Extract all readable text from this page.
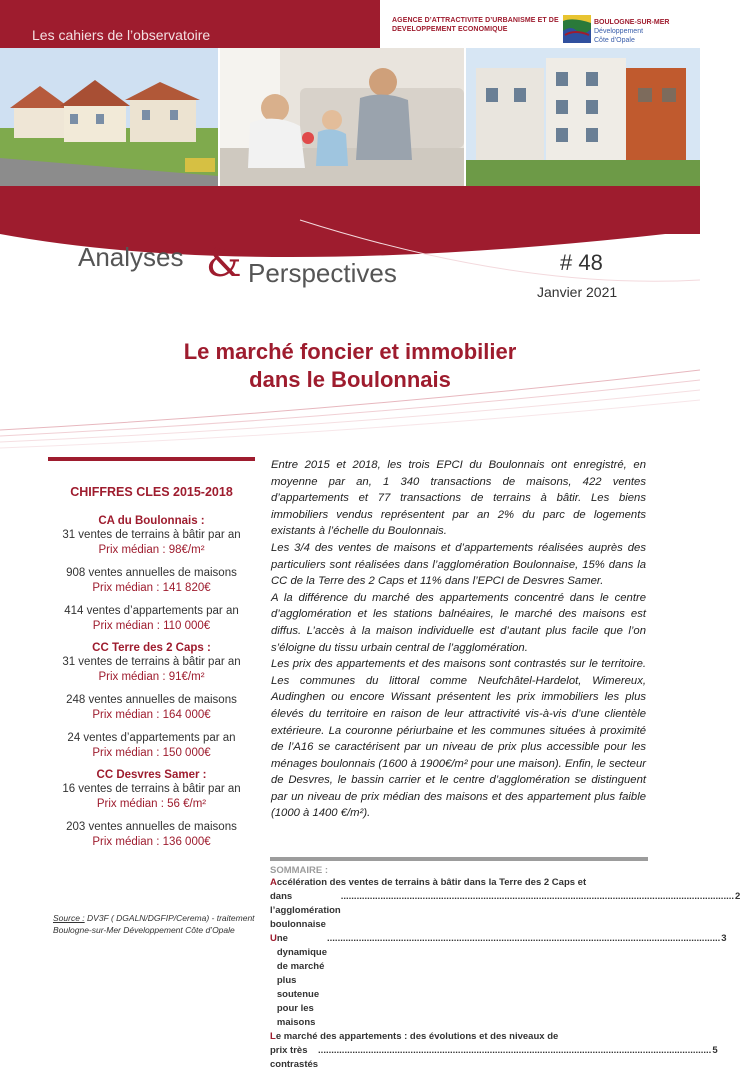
Les cahiers de l’observatoire
AGENCE D’ATTRACTIVITE D’URBANISME ET DE DEVELOPPEMENT ECONOMIQUE
BOULOGNE-SUR-MER
Développement
Côte d’Opale
Analyses & Perspectives	# 48
Janvier 2021
Le marché foncier et immobilier
dans le Boulonnais
CHIFFRES CLES 2015-2018
CA du Boulonnais :
31 ventes de terrains à bâtir par an
Prix médian : 98€/m²
908 ventes annuelles de maisons
Prix médian : 141 820€
414 ventes d’appartements par an
Prix médian : 110 000€
CC Terre des 2 Caps :
31 ventes de terrains à bâtir par an
Prix médian : 91€/m²
248 ventes annuelles de maisons
Prix médian : 164 000€
24 ventes d’appartements par an
Prix médian : 150 000€
CC Desvres Samer :
16 ventes de terrains à bâtir par an
Prix médian : 56 €/m²
203 ventes annuelles de maisons
Prix médian : 136 000€
Source : DV3F ( DGALN/DGFIP/Cerema) - traitement Boulogne-sur-Mer Développement Côte d’Opale

Entre 2015 et 2018, les trois EPCI du Boulonnais ont enregistré, en moyenne par an, 1 340 transactions de maisons, 422 ventes d’appartements et 77 transactions de terrains à bâtir. Les biens immobiliers vendus représentent par an 2% du parc de logements existants à l’échelle du Boulonnais.

Les 3/4 des ventes de maisons et d’appartements réalisées auprès des particuliers sont réalisées dans l’agglomération Boulonnaise, 15% dans la CC de la Terre des 2 Caps et 11% dans l’EPCI de Desvres Samer.

A la différence du marché des appartements concentré dans le centre d’agglomération et les stations balnéaires, le marché des maisons est diffus. L’accès à la maison individuelle est d’autant plus facile que l’on s’éloigne du tissu urbain central de l’agglomération.

Les prix des appartements et des maisons sont contrastés sur le territoire. Les communes du littoral comme Neufchâtel-Hardelot, Wimereux, Audinghen ou encore Wissant présentent les prix immobiliers les plus élevés du territoire en raison de leur attractivité vis-à-vis d’une clientèle extérieure. La couronne périurbaine et les communes situées à proximité de l’A16 se caractérisent par un niveau de prix plus accessible pour les ménages boulonnais (1600 à 1900€/m² pour une maison). Enfin, le secteur de Desvres, le bassin carrier et le centre d’agglomération se distinguent par un niveau de prix médian des maisons et des appartement plus faible (1000 à 1400 €/m²).

SOMMAIRE :
Accélération des ventes de terrains à bâtir dans la Terre des 2 Caps et
dans l’agglomération boulonnaise
..................................................................................................................................................... 2
U ne dynamique de marché plus soutenue pour les maisons
..................................................................................................................................................... 3
Le marché des appartements : des évolutions et des niveaux de
prix très contrastés
..................................................................................................................................................... 5
